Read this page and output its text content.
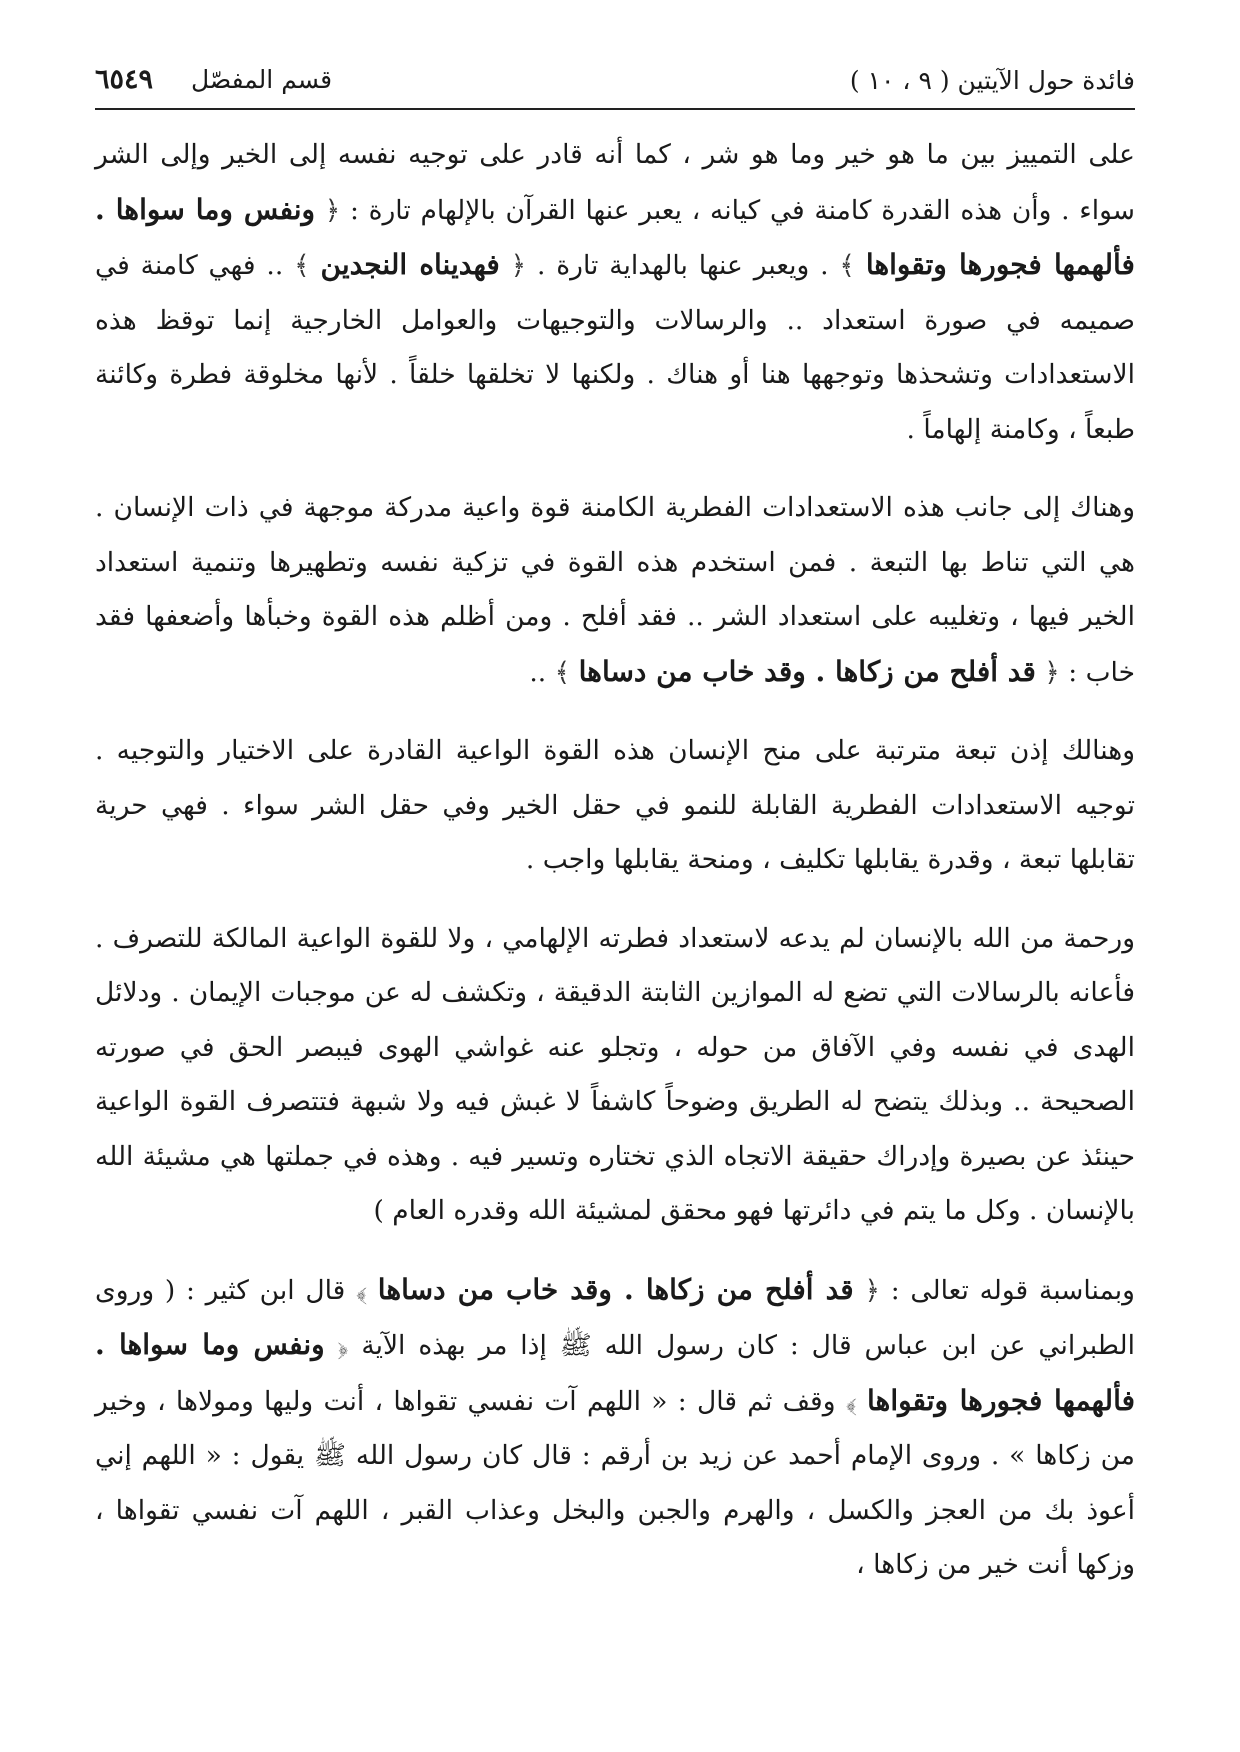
فائدة حول الآيتين ( ٩ ، ١٠ )
قسم المفصّل ٦٥٤٩

على التمييز بين ما هو خير وما هو شر ، كما أنه قادر على توجيه نفسه إلى الخير وإلى الشر سواء . وأن هذه القدرة كامنة في كيانه ، يعبر عنها القرآن بالإلهام تارة : ﴿ ونفس وما سواها . فألهمها فجورها وتقواها ﴾ . ويعبر عنها بالهداية تارة . ﴿ فهديناه النجدين ﴾ .. فهي كامنة في صميمه في صورة استعداد .. والرسالات والتوجيهات والعوامل الخارجية إنما توقظ هذه الاستعدادات وتشحذها وتوجهها هنا أو هناك . ولكنها لا تخلقها خلقاً . لأنها مخلوقة فطرة وكائنة طبعاً ، وكامنة إلهاماً .

وهناك إلى جانب هذه الاستعدادات الفطرية الكامنة قوة واعية مدركة موجهة في ذات الإنسان . هي التي تناط بها التبعة . فمن استخدم هذه القوة في تزكية نفسه وتطهيرها وتنمية استعداد الخير فيها ، وتغليبه على استعداد الشر .. فقد أفلح . ومن أظلم هذه القوة وخبأها وأضعفها فقد خاب : ﴿ قد أفلح من زكاها . وقد خاب من دساها ﴾ ..

وهنالك إذن تبعة مترتبة على منح الإنسان هذه القوة الواعية القادرة على الاختيار والتوجيه . توجيه الاستعدادات الفطرية القابلة للنمو في حقل الخير وفي حقل الشر سواء . فهي حرية تقابلها تبعة ، وقدرة يقابلها تكليف ، ومنحة يقابلها واجب .

ورحمة من الله بالإنسان لم يدعه لاستعداد فطرته الإلهامي ، ولا للقوة الواعية المالكة للتصرف . فأعانه بالرسالات التي تضع له الموازين الثابتة الدقيقة ، وتكشف له عن موجبات الإيمان . ودلائل الهدى في نفسه وفي الآفاق من حوله ، وتجلو عنه غواشي الهوى فيبصر الحق في صورته الصحيحة .. وبذلك يتضح له الطريق وضوحاً كاشفاً لا غبش فيه ولا شبهة فتتصرف القوة الواعية حينئذ عن بصيرة وإدراك حقيقة الاتجاه الذي تختاره وتسير فيه . وهذه في جملتها هي مشيئة الله بالإنسان . وكل ما يتم في دائرتها فهو محقق لمشيئة الله وقدره العام )

وبمناسبة قوله تعالى : ﴿ قد أفلح من زكاها . وقد خاب من دساها ﴾ قال ابن كثير : ( وروى الطبراني عن ابن عباس قال : كان رسول الله ﷺ إذا مر بهذه الآية ﴿ ونفس وما سواها . فألهمها فجورها وتقواها ﴾ وقف ثم قال : « اللهم آت نفسي تقواها ، أنت وليها ومولاها ، وخير من زكاها » . وروى الإمام أحمد عن زيد بن أرقم : قال كان رسول الله ﷺ يقول : « اللهم إني أعوذ بك من العجز والكسل ، والهرم والجبن والبخل وعذاب القبر ، اللهم آت نفسي تقواها ، وزكها أنت خير من زكاها ،
